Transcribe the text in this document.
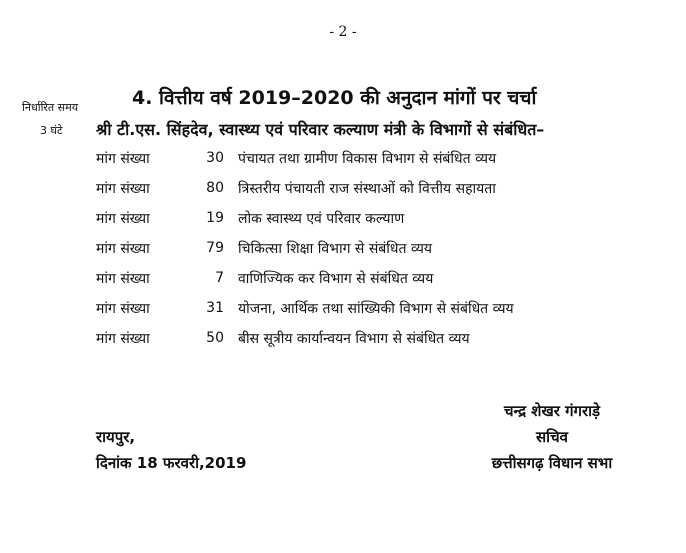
- 2 -
निर्धारित समय
3 घंटे
4. वित्तीय वर्ष 2019–2020 की अनुदान मांगों पर चर्चा
श्री टी.एस. सिंहदेव, स्वास्थ्य एवं परिवार कल्याण मंत्री के विभागों से संबंधित–
मांग संख्या	30	पंचायत तथा ग्रामीण विकास विभाग से संबंधित व्यय
मांग संख्या	80	त्रिस्तरीय पंचायती राज संस्थाओं को वित्तीय सहायता
मांग संख्या	19	लोक स्वास्थ्य एवं परिवार कल्याण
मांग संख्या	79	चिकित्सा शिक्षा विभाग से संबंधित व्यय
मांग संख्या	7	वाणिज्यिक कर विभाग से संबंधित व्यय
मांग संख्या	31	योजना, आर्थिक तथा सांख्यिकी विभाग से संबंधित व्यय
मांग संख्या	50	बीस सूत्रीय कार्यान्वयन विभाग से संबंधित व्यय
चन्द्र शेखर गंगराड़े
सचिव
छत्तीसगढ़ विधान सभा
रायपुर,
दिनांक 18 फरवरी,2019
